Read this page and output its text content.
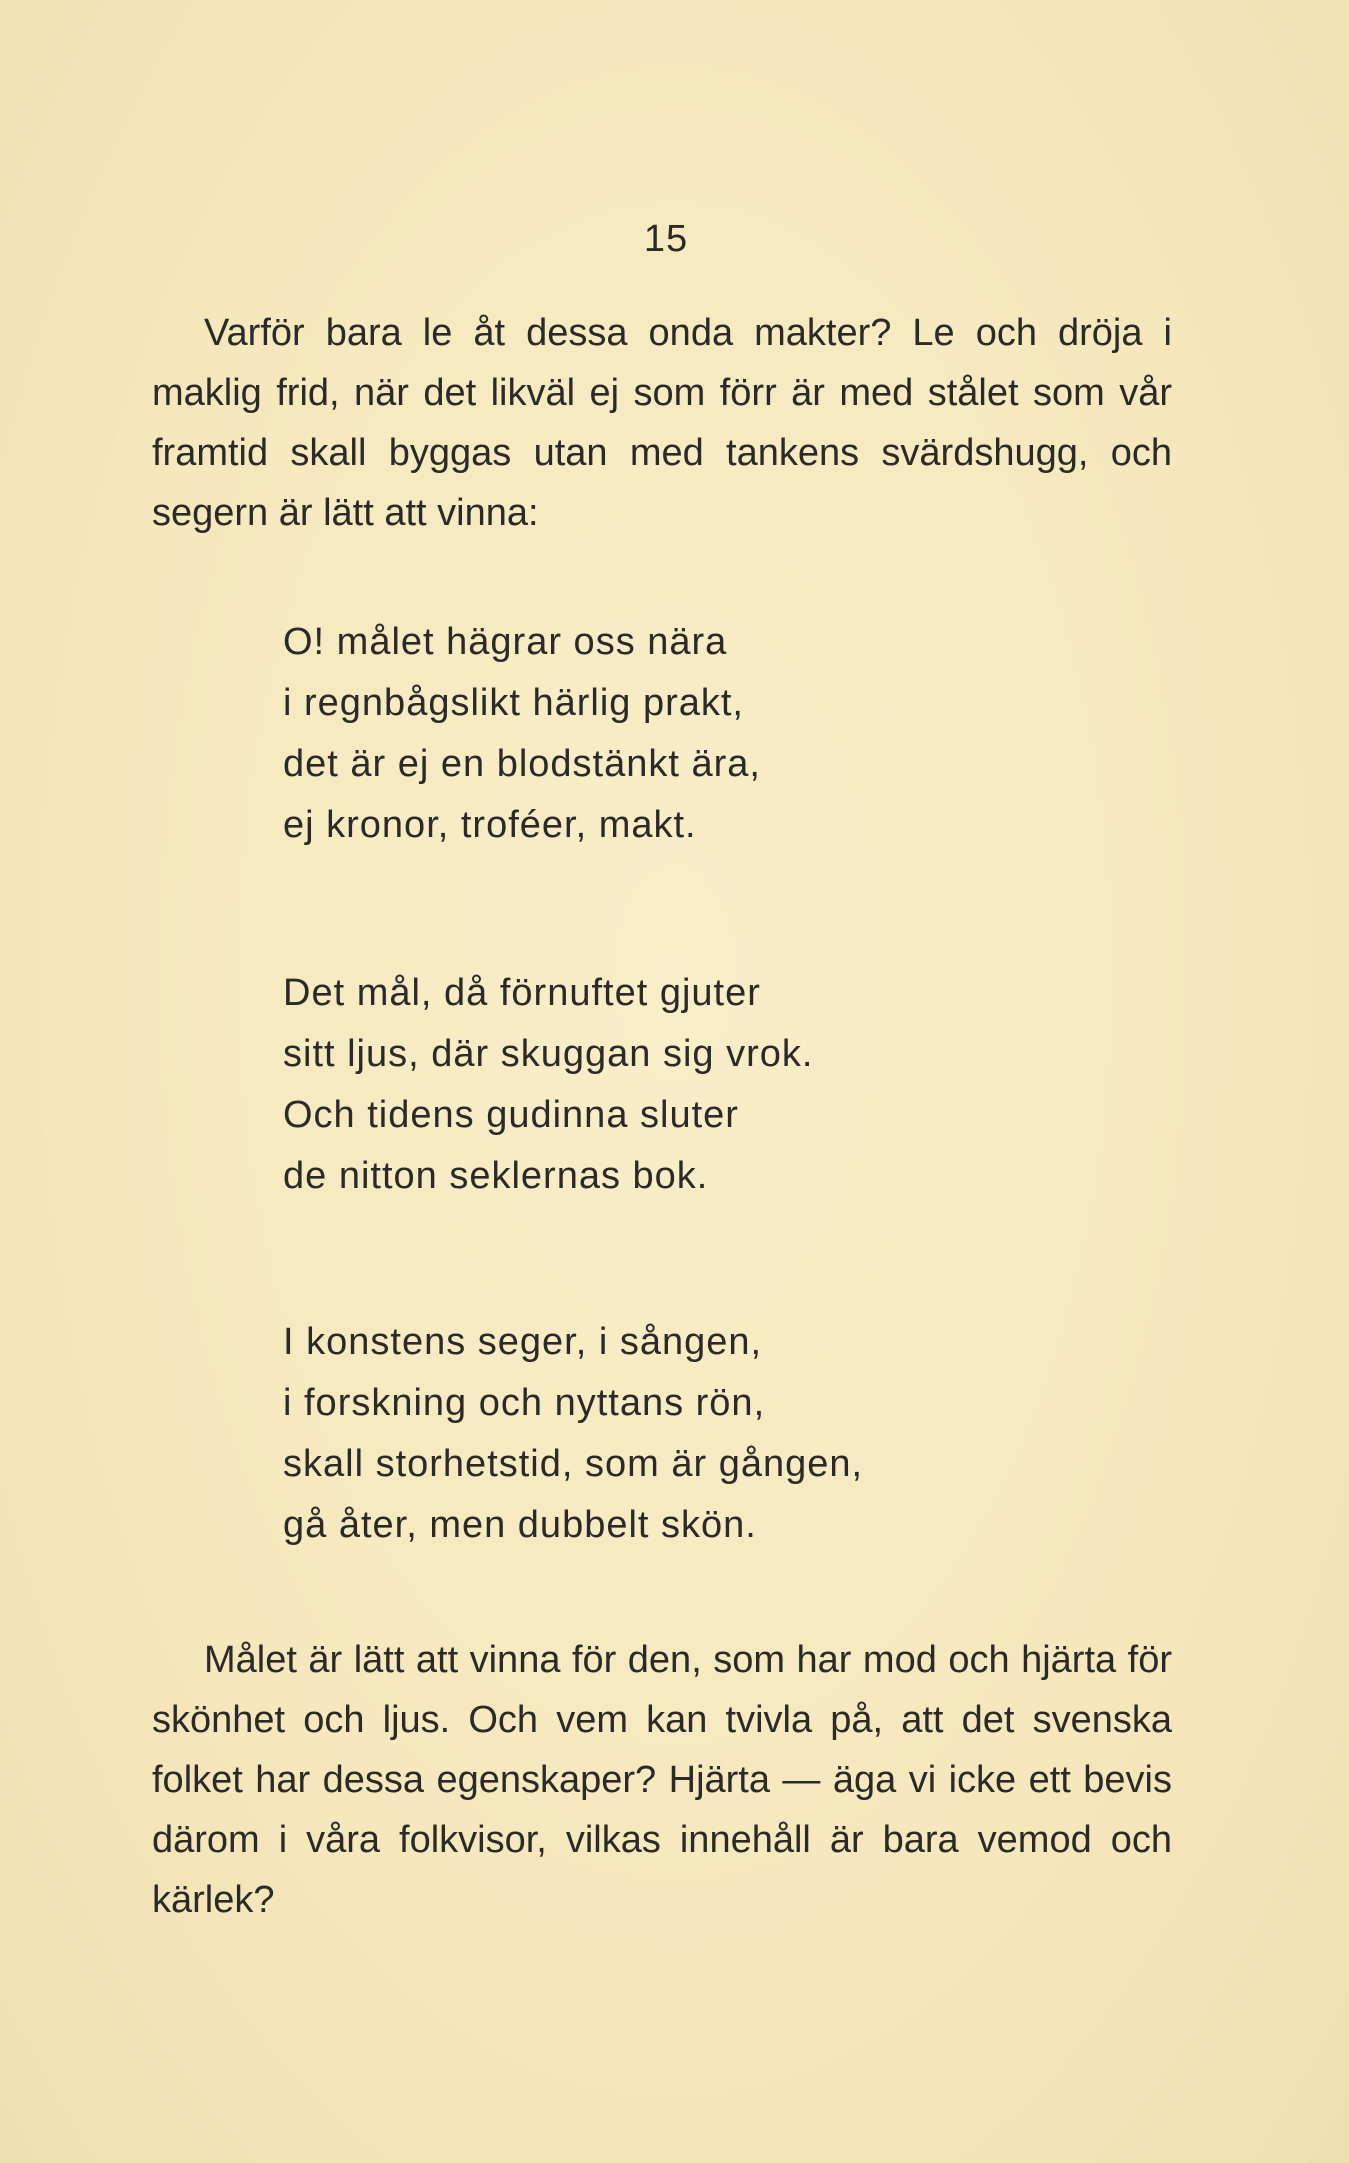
15

Varför bara le åt dessa onda makter? Le och dröja i maklig frid, när det likväl ej som förr är med stålet som vår framtid skall byggas utan med tankens svärdshugg, och segern är lätt att vinna:

O! målet hägrar oss nära
i regnbågslikt härlig prakt,
det är ej en blodstänkt ära,
ej kronor, troféer, makt.
Det mål, då förnuftet gjuter
sitt ljus, där skuggan sig vrok.
Och tidens gudinna sluter
de nitton seklernas bok.
I konstens seger, i sången,
i forskning och nyttans rön,
skall storhetstid, som är gången,
gå åter, men dubbelt skön.

Målet är lätt att vinna för den, som har mod och hjärta för skönhet och ljus. Och vem kan tvivla på, att det svenska folket har dessa egenskaper? Hjärta — äga vi icke ett bevis därom i våra folkvisor, vilkas innehåll är bara vemod och kärlek?
